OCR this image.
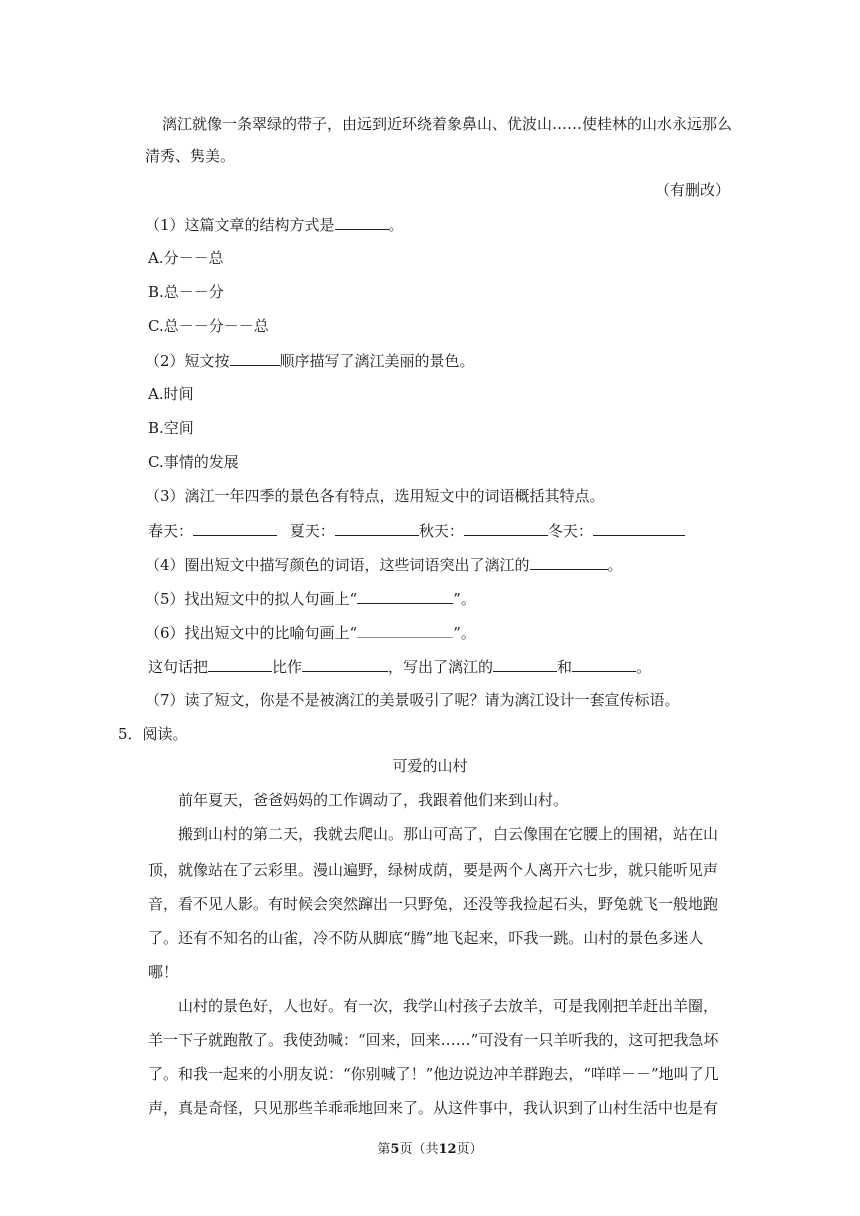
漓江就像一条翠绿的带子，由远到近环绕着象鼻山、优波山……使桂林的山水永远那么
清秀、隽美。
（有删改）
（1）这篇文章的结构方式是	。
A.分－－总
B.总－－分
C.总－－分－－总
（2）短文按	顺序描写了漓江美丽的景色。
A.时间
B.空间
C.事情的发展
（3）漓江一年四季的景色各有特点，选用短文中的词语概括其特点。
春天：	夏天：	秋天：	冬天：
（4）圈出短文中描写颜色的词语，这些词语突出了漓江的	。
（5）找出短文中的拟人句画上“	”。
（6）找出短文中的比喻句画上“	”。
这句话把	比作	，写出了漓江的	和	。
（7）读了短文，你是不是被漓江的美景吸引了呢？请为漓江设计一套宣传标语。
5．阅读。
可爱的山村
前年夏天，爸爸妈妈的工作调动了，我跟着他们来到山村。
搬到山村的第二天，我就去爬山。那山可高了，白云像围在它腰上的围裙，站在山
顶，就像站在了云彩里。漫山遍野，绿树成荫，要是两个人离开六七步，就只能听见声
音，看不见人影。有时候会突然蹿出一只野兔，还没等我捡起石头，野兔就飞一般地跑
了。还有不知名的山雀，冷不防从脚底“腾”地飞起来，吓我一跳。山村的景色多迷人
哪！
山村的景色好，人也好。有一次，我学山村孩子去放羊，可是我刚把羊赶出羊圈，
羊一下子就跑散了。我使劲喊：“回来，回来……”可没有一只羊听我的，这可把我急坏
了。和我一起来的小朋友说：“你别喊了！”他边说边冲羊群跑去，“咩咩－－”地叫了几
声，真是奇怪，只见那些羊乖乖地回来了。从这件事中，我认识到了山村生活中也是有
第5页（共12页）
